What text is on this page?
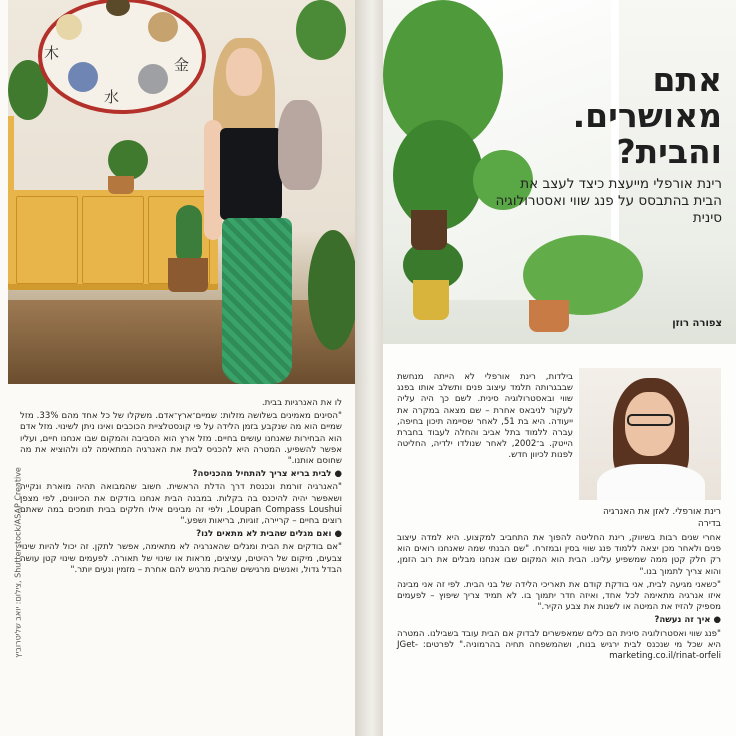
木
水
金
צילום: יואב שליטרוביץ, Shutterstock/ASAP Creative

לו את האנרגיות בבית.

"הסינים מאמינים בשלושה מזלות: שמיים־ארץ־אדם. משקלו של כל אחד מהם 33%. מזל שמיים הוא מה שנקבע בזמן הלידה על פי קונסטלציית הכוכבים ואינו ניתן לשינוי. מזל אדם הוא הבחירות שאנחנו עושים בחיים. מזל ארץ הוא הסביבה והמקום שבו אנחנו חיים, ועליו אפשר להשפיע. המטרה היא להכניס לבית את האנרגיה המתאימה לנו ולהוציא את מה שחוסם אותנו."

● לבית בריא צריך להתחיל מהכניסה?

"האנרגיה זורמת ונכנסת דרך הדלת הראשית. חשוב שהמבואה תהיה מוארת ונקייה ושאפשר יהיה להיכנס בה בקלות. במבנה הבית אנחנו בודקים את הכיוונים, לפי מצפן Loupan Compass Loushui, ולפי זה מבינים אילו חלקים בבית תומכים במה שאתם רוצים בחיים – קריירה, זוגיות, בריאות ושפע."

● ואם מגלים שהבית לא מתאים לנו?

"אם בודקים את הבית ומגלים שהאנרגיה לא מתאימה, אפשר לתקן. זה יכול להיות שינוי צבעים, מיקום של רהיטים, עציצים, מראות או שינוי של תאורה. לפעמים שינוי קטן עושה הבדל גדול, ואנשים מרגישים שהבית מרגיש להם אחרת – מזמין ונעים יותר."

אתם
מאושרים.
והבית?
רינת אורפלי מייעצת כיצד לעצב את הבית בהתבסס על פנג שווי ואסטרולוגיה סינית
צפורה רוזן
רינת אורפלי. לאזן את האנרגיה בדירה

בילדות, רינת אורפלי לא הייתה מנחשת שבבגרותה תלמד עיצוב פנים ותשלב אותו בפנג שווי ובאסטרולוגיה סינית. לשם כך היה עליה לעקור לניבאס אחרת – שם מצאה במקרה את ייעודה. היא בת 51, לאחר שסיימה תיכון בחיפה, עברה ללמוד בתל אביב והחלה לעבוד בחברת הייטק. ב־2002, לאחר שנולדו ילדיה, החליטה לפנות לכיוון חדש.

אחרי שנים רבות בשיווק, רינת החליטה להפוך את התחביב למקצוע. היא למדה עיצוב פנים ולאחר מכן יצאה ללמוד פנג שווי בסין ובמזרח. "שם הבנתי שמה שאנחנו רואים הוא רק חלק קטן ממה שמשפיע עלינו. הבית הוא המקום שבו אנחנו מבלים את רוב הזמן, והוא צריך לתמוך בנו."

"כשאני מגיעה לבית, אני בודקת קודם את תאריכי הלידה של בני הבית. לפי זה אני מבינה איזו אנרגיה מתאימה לכל אחד, ואיזה חדר יתמוך בו. לא תמיד צריך שיפוץ – לפעמים מספיק להזיז את המיטה או לשנות את צבע הקיר."

● איך זה נעשה?

"פנג שווי ואסטרולוגיה סינית הם כלים שמאפשרים לבדוק אם הבית עובד בשבילנו. המטרה היא שכל מי שנכנס לבית ירגיש בנוח, ושהמשפחה תחיה בהרמוניה." לפרטים: JGet-marketing.co.il/rinat-orfeli
